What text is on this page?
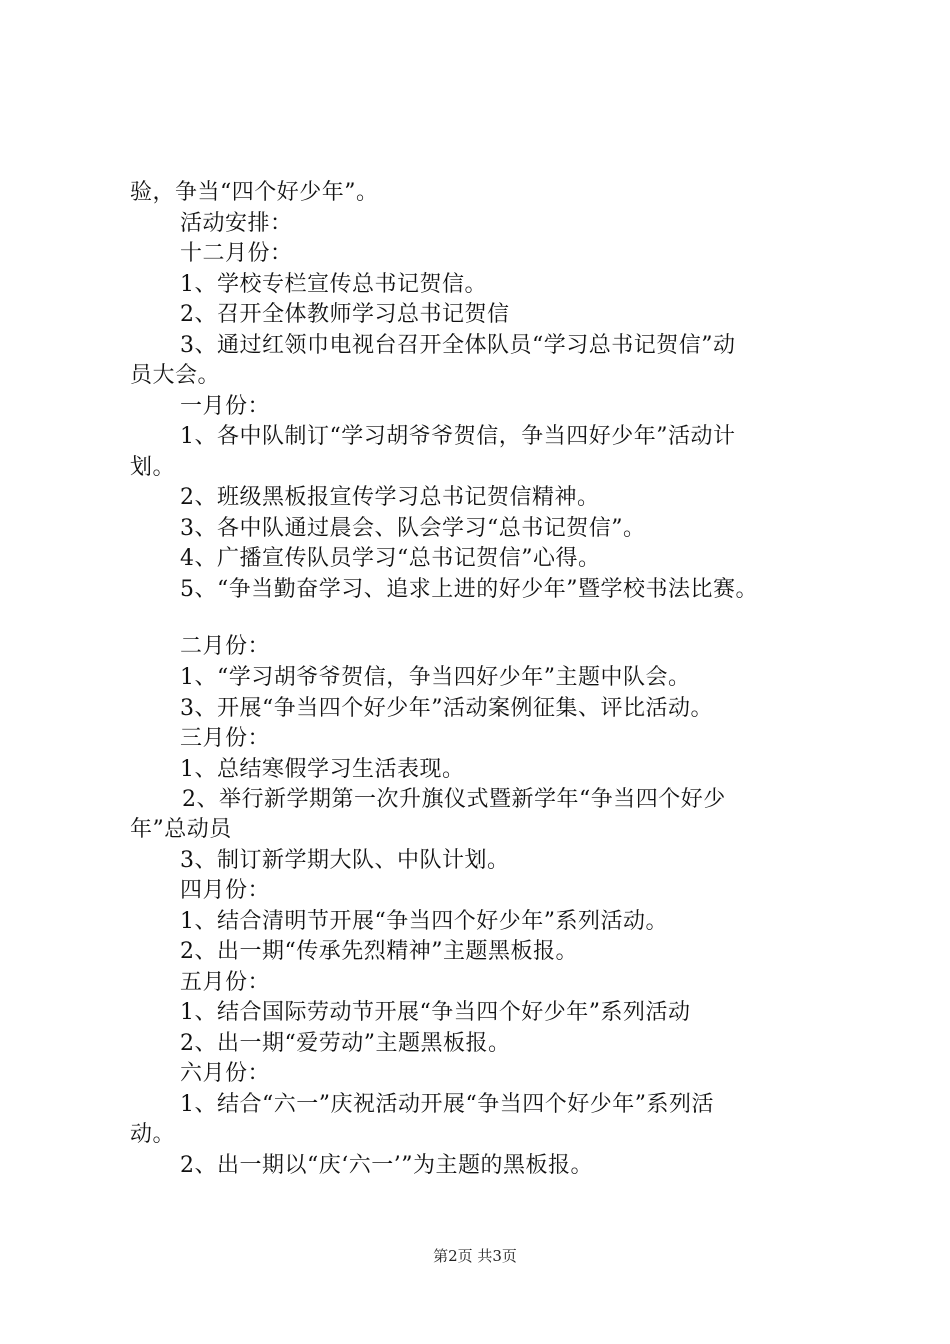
验，争当“四个好少年”。
活动安排：
十二月份：
1、学校专栏宣传总书记贺信。
2、召开全体教师学习总书记贺信
3、通过红领巾电视台召开全体队员“学习总书记贺信”动
员大会。
一月份：
1、各中队制订“学习胡爷爷贺信，争当四好少年”活动计
划。
2、班级黑板报宣传学习总书记贺信精神。
3、各中队通过晨会、队会学习“总书记贺信”。
4、广播宣传队员学习“总书记贺信”心得。
5、“争当勤奋学习、追求上进的好少年”暨学校书法比赛。
二月份：
1、“学习胡爷爷贺信，争当四好少年”主题中队会。
3、开展“争当四个好少年”活动案例征集、评比活动。
三月份：
1、总结寒假学习生活表现。
2、举行新学期第一次升旗仪式暨新学年“争当四个好少
年”总动员
3、制订新学期大队、中队计划。
四月份：
1、结合清明节开展“争当四个好少年”系列活动。
2、出一期“传承先烈精神”主题黑板报。
五月份：
1、结合国际劳动节开展“争当四个好少年”系列活动
2、出一期“爱劳动”主题黑板报。
六月份：
1、结合“六一”庆祝活动开展“争当四个好少年”系列活
动。
2、出一期以“庆‘六一’”为主题的黑板报。
第2页 共3页
